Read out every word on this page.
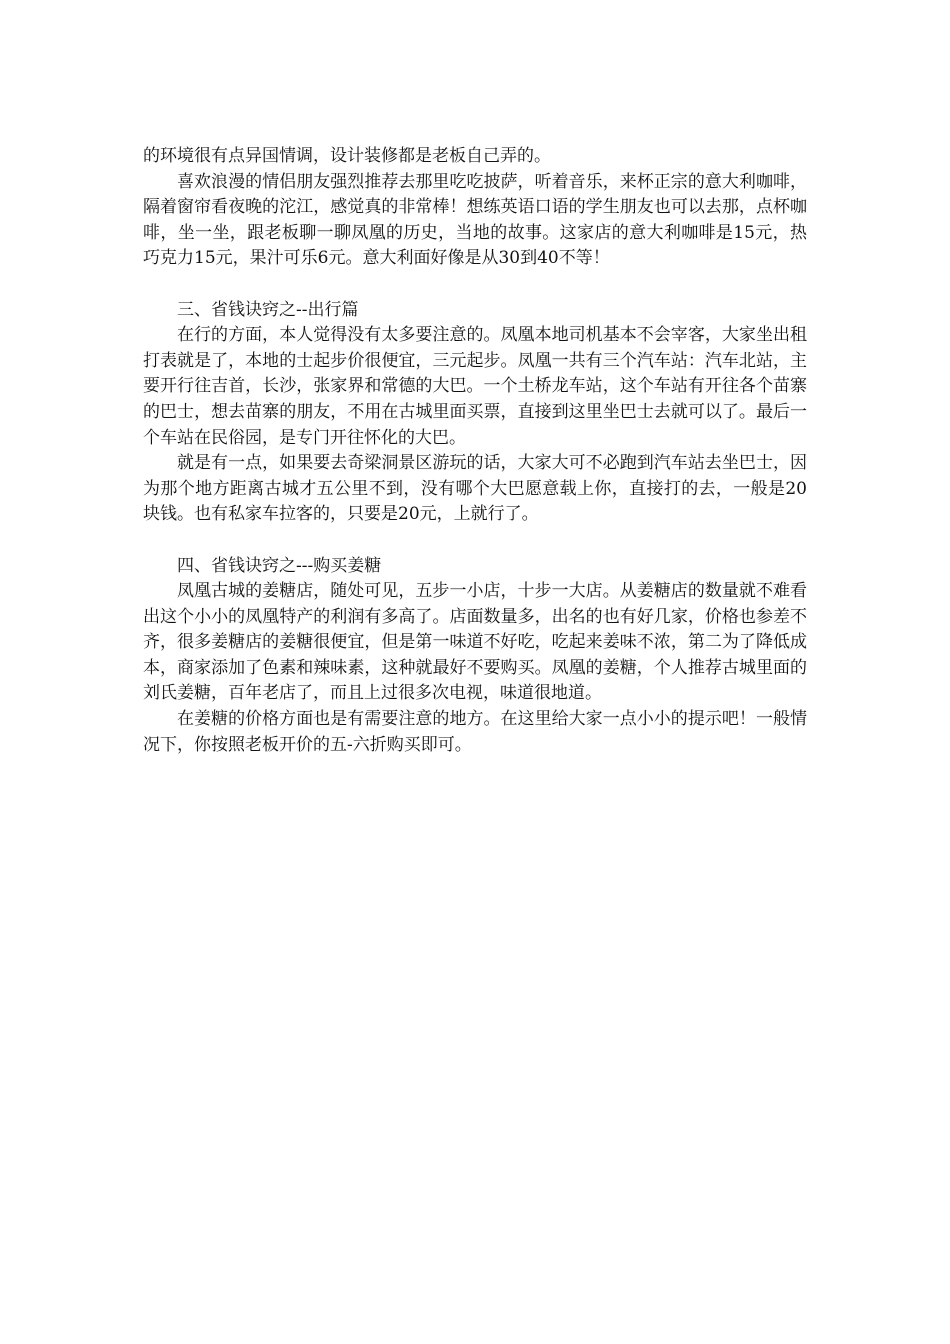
的环境很有点异国情调，设计装修都是老板自己弄的。

喜欢浪漫的情侣朋友强烈推荐去那里吃吃披萨，听着音乐，来杯正宗的意大利咖啡，隔着窗帘看夜晚的沱江，感觉真的非常棒！想练英语口语的学生朋友也可以去那，点杯咖啡，坐一坐，跟老板聊一聊凤凰的历史，当地的故事。这家店的意大利咖啡是15元，热巧克力15元，果汁可乐6元。意大利面好像是从30到40不等！

三、省钱诀窍之--出行篇

在行的方面，本人觉得没有太多要注意的。凤凰本地司机基本不会宰客，大家坐出租打表就是了，本地的士起步价很便宜，三元起步。凤凰一共有三个汽车站：汽车北站，主要开行往吉首，长沙，张家界和常德的大巴。一个土桥龙车站，这个车站有开往各个苗寨的巴士，想去苗寨的朋友，不用在古城里面买票，直接到这里坐巴士去就可以了。最后一个车站在民俗园，是专门开往怀化的大巴。

就是有一点，如果要去奇梁洞景区游玩的话，大家大可不必跑到汽车站去坐巴士，因为那个地方距离古城才五公里不到，没有哪个大巴愿意载上你，直接打的去，一般是20块钱。也有私家车拉客的，只要是20元，上就行了。

四、省钱诀窍之---购买姜糖

凤凰古城的姜糖店，随处可见，五步一小店，十步一大店。从姜糖店的数量就不难看出这个小小的凤凰特产的利润有多高了。店面数量多，出名的也有好几家，价格也参差不齐，很多姜糖店的姜糖很便宜，但是第一味道不好吃，吃起来姜味不浓，第二为了降低成本，商家添加了色素和辣味素，这种就最好不要购买。凤凰的姜糖，个人推荐古城里面的刘氏姜糖，百年老店了，而且上过很多次电视，味道很地道。

在姜糖的价格方面也是有需要注意的地方。在这里给大家一点小小的提示吧！一般情况下，你按照老板开价的五-六折购买即可。
